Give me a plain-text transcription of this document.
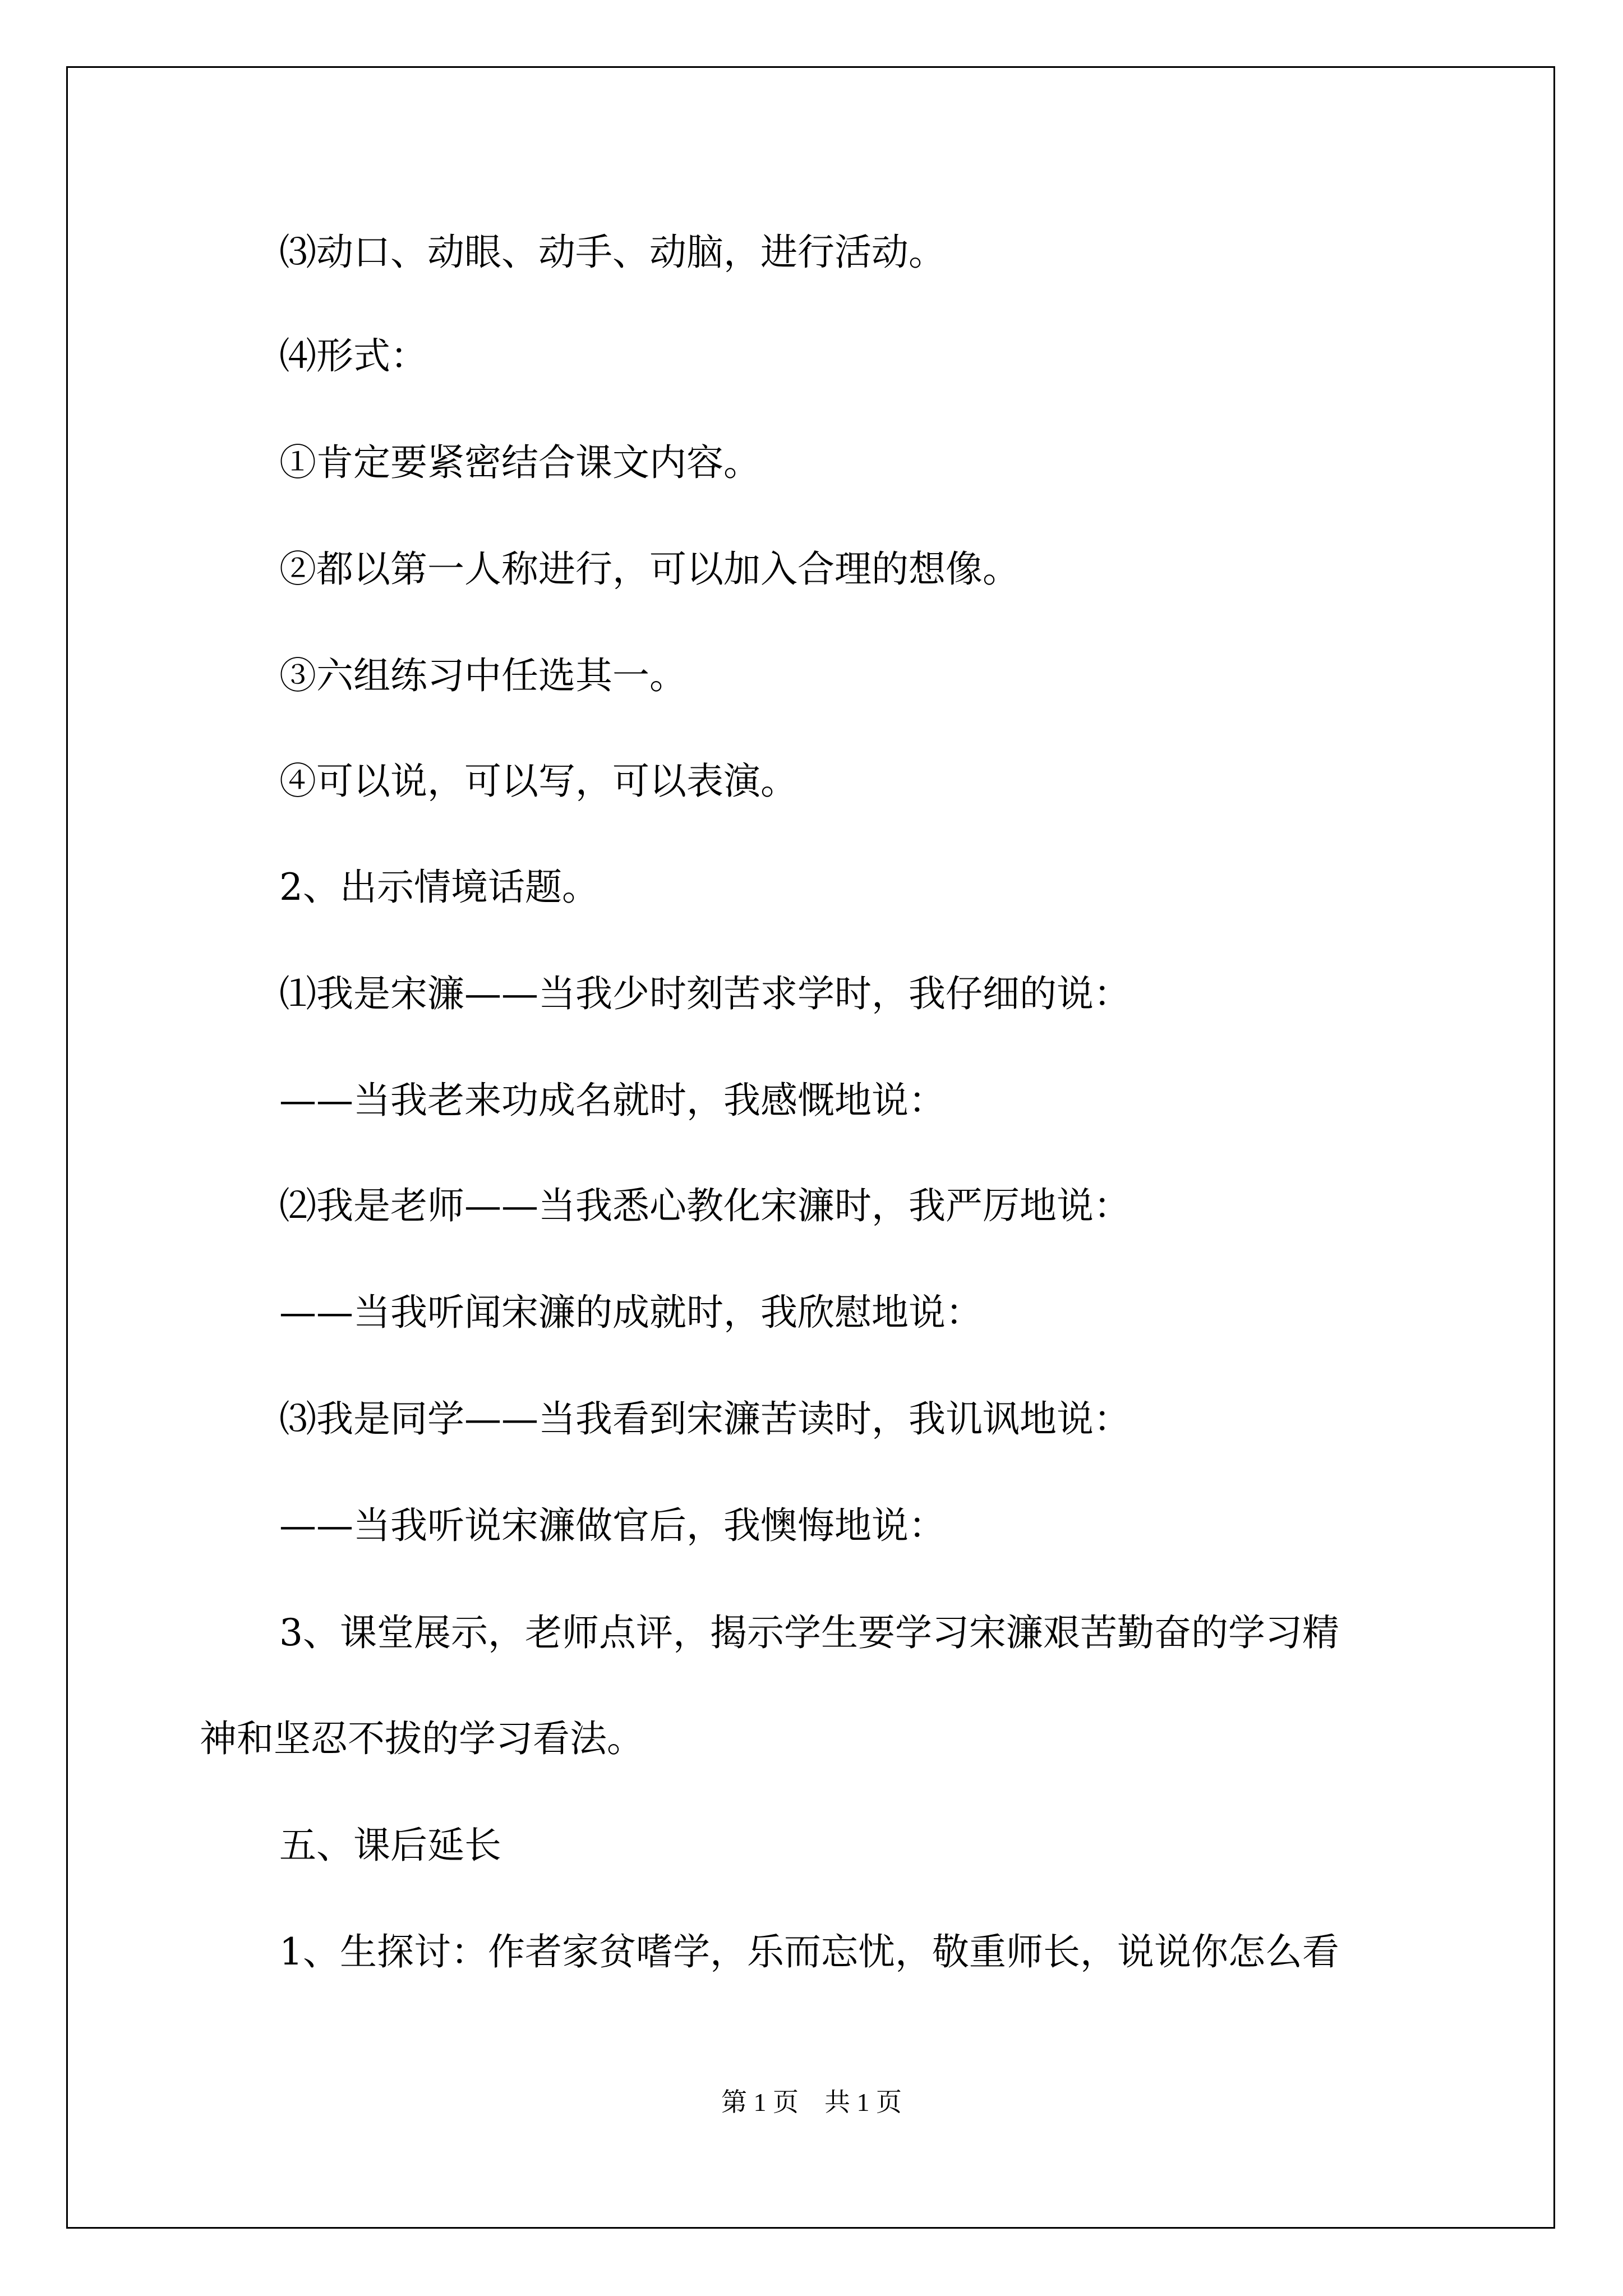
⑶动口、动眼、动手、动脑，进行活动。

⑷形式：

①肯定要紧密结合课文内容。

②都以第一人称进行，可以加入合理的想像。

③六组练习中任选其一。

④可以说，可以写，可以表演。

2、出示情境话题。

⑴我是宋濂——当我少时刻苦求学时，我仔细的说：

——当我老来功成名就时，我感慨地说：

⑵我是老师——当我悉心教化宋濂时，我严厉地说：

——当我听闻宋濂的成就时，我欣慰地说：

⑶我是同学——当我看到宋濂苦读时，我讥讽地说：

——当我听说宋濂做官后，我懊悔地说：

3、课堂展示，老师点评，揭示学生要学习宋濂艰苦勤奋的学习精

神和坚忍不拔的学习看法。

五、课后延长

1、生探讨：作者家贫嗜学，乐而忘忧，敬重师长，说说你怎么看

第 1 页    共 1 页
